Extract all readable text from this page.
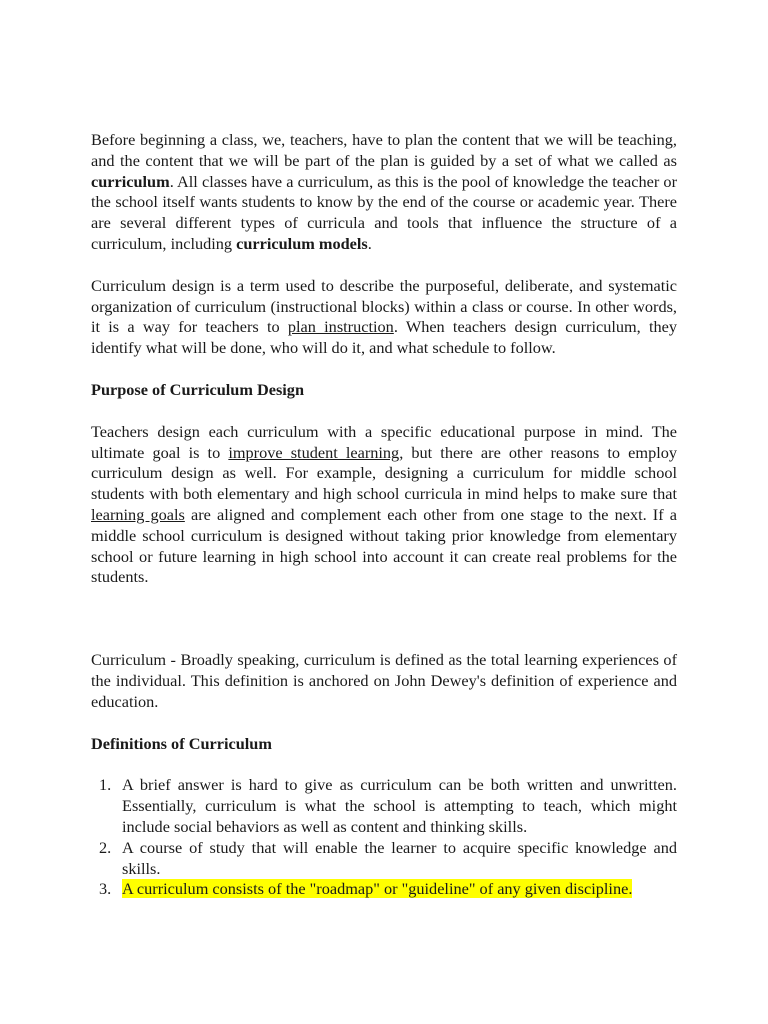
Before beginning a class, we, teachers, have to plan the content that we will be teaching, and the content that we will be part of the plan is guided by a set of what we called as curriculum. All classes have a curriculum, as this is the pool of knowledge the teacher or the school itself wants students to know by the end of the course or academic year. There are several different types of curricula and tools that influence the structure of a curriculum, including curriculum models.

Curriculum design is a term used to describe the purposeful, deliberate, and systematic organization of curriculum (instructional blocks) within a class or course. In other words, it is a way for teachers to plan instruction. When teachers design curriculum, they identify what will be done, who will do it, and what schedule to follow.

Purpose of Curriculum Design

Teachers design each curriculum with a specific educational purpose in mind. The ultimate goal is to improve student learning, but there are other reasons to employ curriculum design as well. For example, designing a curriculum for middle school students with both elementary and high school curricula in mind helps to make sure that learning goals are aligned and complement each other from one stage to the next. If a middle school curriculum is designed without taking prior knowledge from elementary school or future learning in high school into account it can create real problems for the students.

Curriculum - Broadly speaking, curriculum is defined as the total learning experiences of the individual. This definition is anchored on John Dewey's definition of experience and education.

Definitions of Curriculum

1. A brief answer is hard to give as curriculum can be both written and unwritten. Essentially, curriculum is what the school is attempting to teach, which might include social behaviors as well as content and thinking skills.
2. A course of study that will enable the learner to acquire specific knowledge and skills.
3. A curriculum consists of the "roadmap" or "guideline" of any given discipline.
